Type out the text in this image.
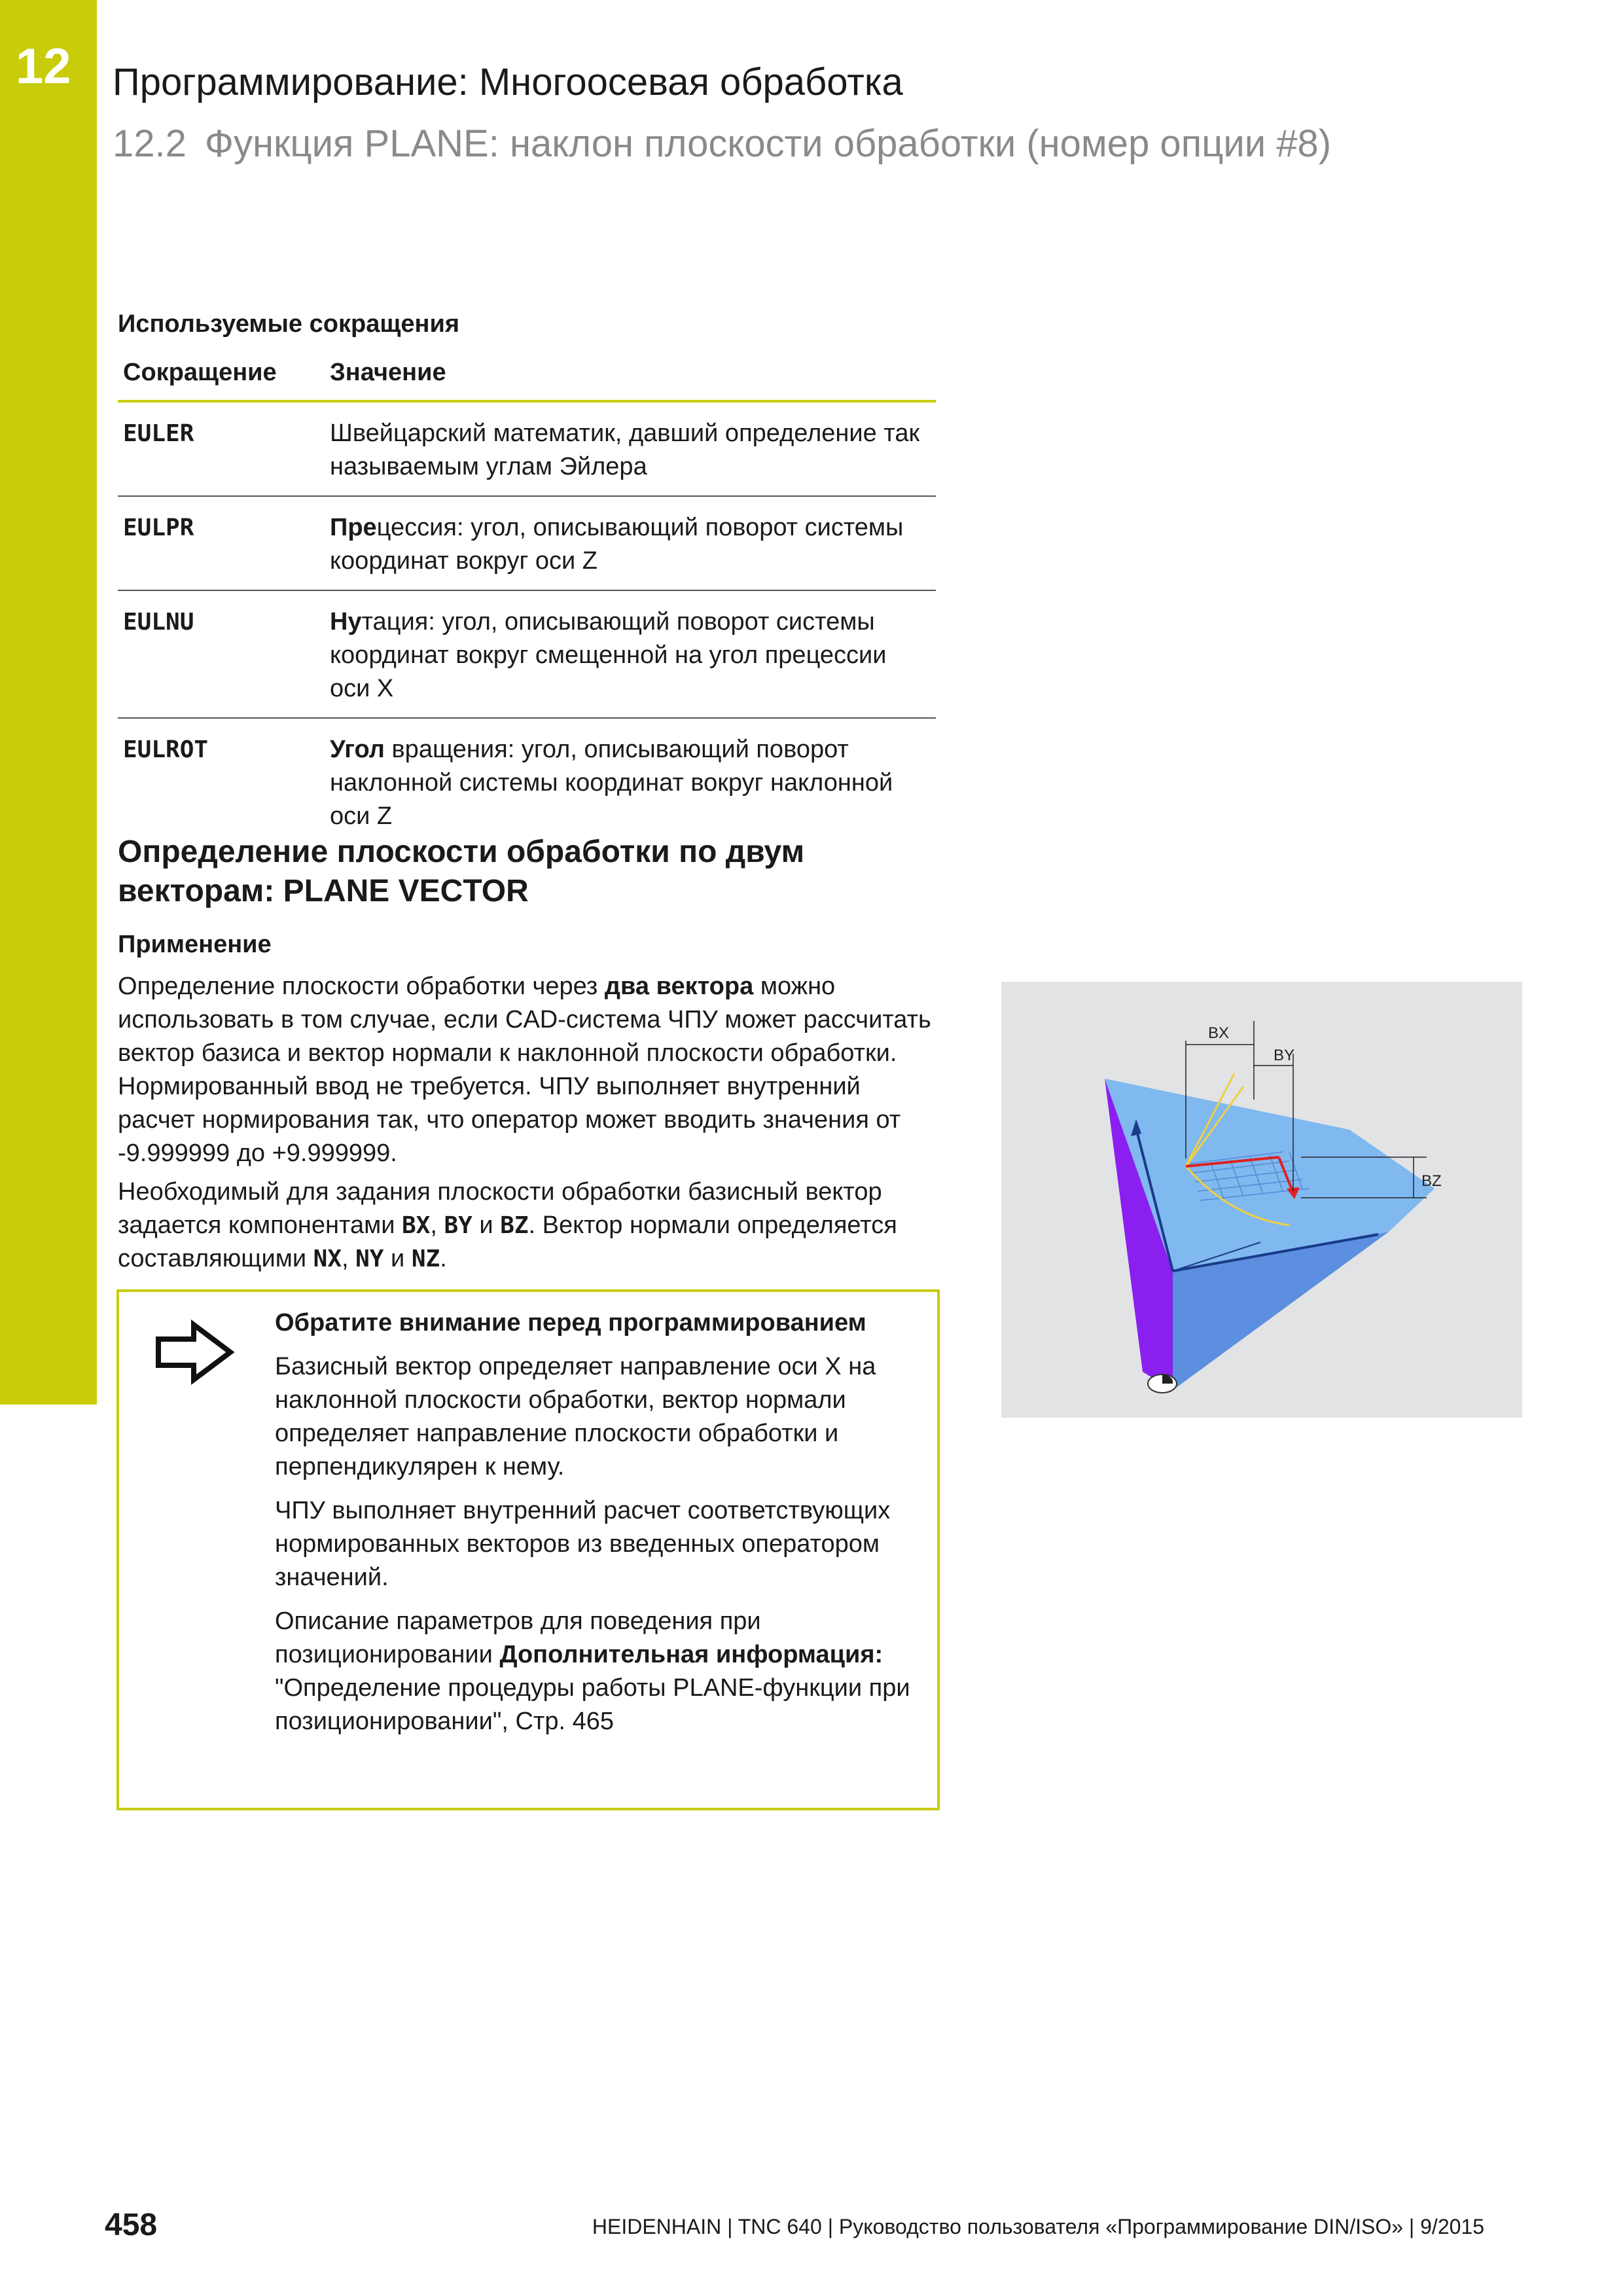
12 Программирование: Многоосевая обработка
12.2 Функция PLANE: наклон плоскости обработки (номер опции #8)
Используемые сокращения
Сокращение	Значение
EULER	Швейцарский математик, давший определение так называемым углам Эйлера
EULPR	Прецессия: угол, описывающий поворот системы координат вокруг оси Z
EULNU	Нутация: угол, описывающий поворот системы координат вокруг смещенной на угол прецессии оси X
EULROT	Угол вращения: угол, описывающий поворот наклонной системы координат вокруг наклонной оси Z
Определение плоскости обработки по двум векторам: PLANE VECTOR
Применение

Определение плоскости обработки через два вектора можно использовать в том случае, если CAD-система ЧПУ может рассчитать вектор базиса и вектор нормали к наклонной плоскости обработки. Нормированный ввод не требуется. ЧПУ выполняет внутренний расчет нормирования так, что оператор может вводить значения от -9.999999 до +9.999999.

Необходимый для задания плоскости обработки базисный вектор задается компонентами BX, BY и BZ. Вектор нормали определяется составляющими NX, NY и NZ.

Обратите внимание перед программированием

Базисный вектор определяет направление оси X на наклонной плоскости обработки, вектор нормали определяет направление плоскости обработки и перпендикулярен к нему.

ЧПУ выполняет внутренний расчет соответствующих нормированных векторов из введенных оператором значений.

Описание параметров для поведения при позиционировании Дополнительная информация: "Определение процедуры работы PLANE-функции при позиционировании", Стр. 465

BX
BY
BZ
458	HEIDENHAIN | TNC 640 | Руководство пользователя «Программирование DIN/ISO» | 9/2015
